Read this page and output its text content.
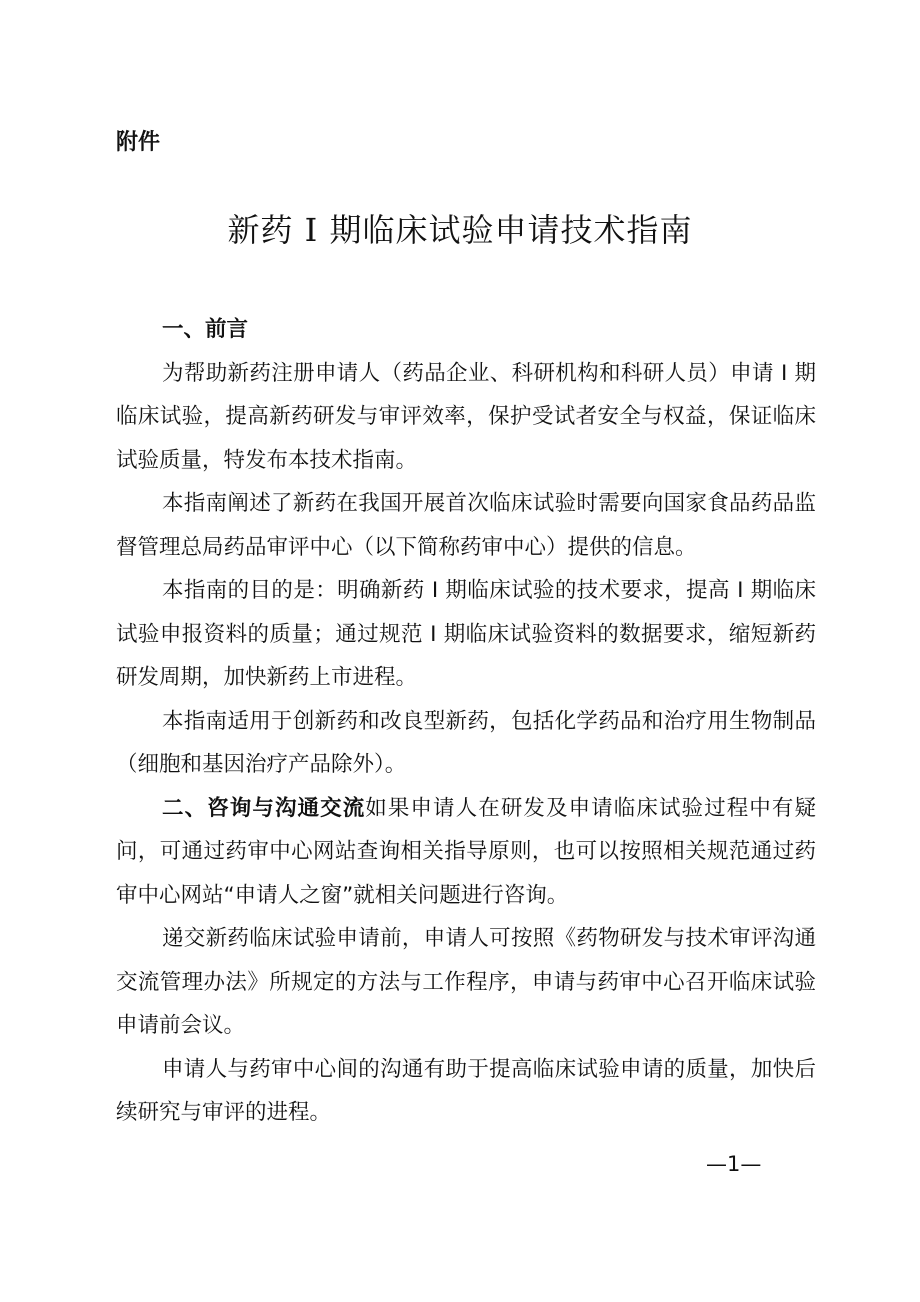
附件
新药 I 期临床试验申请技术指南
一、前言
为帮助新药注册申请人（药品企业、科研机构和科研人员）申请 I 期临床试验，提高新药研发与审评效率，保护受试者安全与权益，保证临床试验质量，特发布本技术指南。
本指南阐述了新药在我国开展首次临床试验时需要向国家食品药品监督管理总局药品审评中心（以下简称药审中心）提供的信息。
本指南的目的是：明确新药 I 期临床试验的技术要求，提高 I 期临床试验申报资料的质量；通过规范 I 期临床试验资料的数据要求，缩短新药研发周期，加快新药上市进程。
本指南适用于创新药和改良型新药，包括化学药品和治疗用生物制品（细胞和基因治疗产品除外）。
二、咨询与沟通交流如果申请人在研发及申请临床试验过程中有疑问，可通过药审中心网站查询相关指导原则，也可以按照相关规范通过药审中心网站“申请人之窗”就相关问题进行咨询。
递交新药临床试验申请前，申请人可按照《药物研发与技术审评沟通交流管理办法》所规定的方法与工作程序，申请与药审中心召开临床试验申请前会议。
申请人与药审中心间的沟通有助于提高临床试验申请的质量，加快后续研究与审评的进程。
—1—
